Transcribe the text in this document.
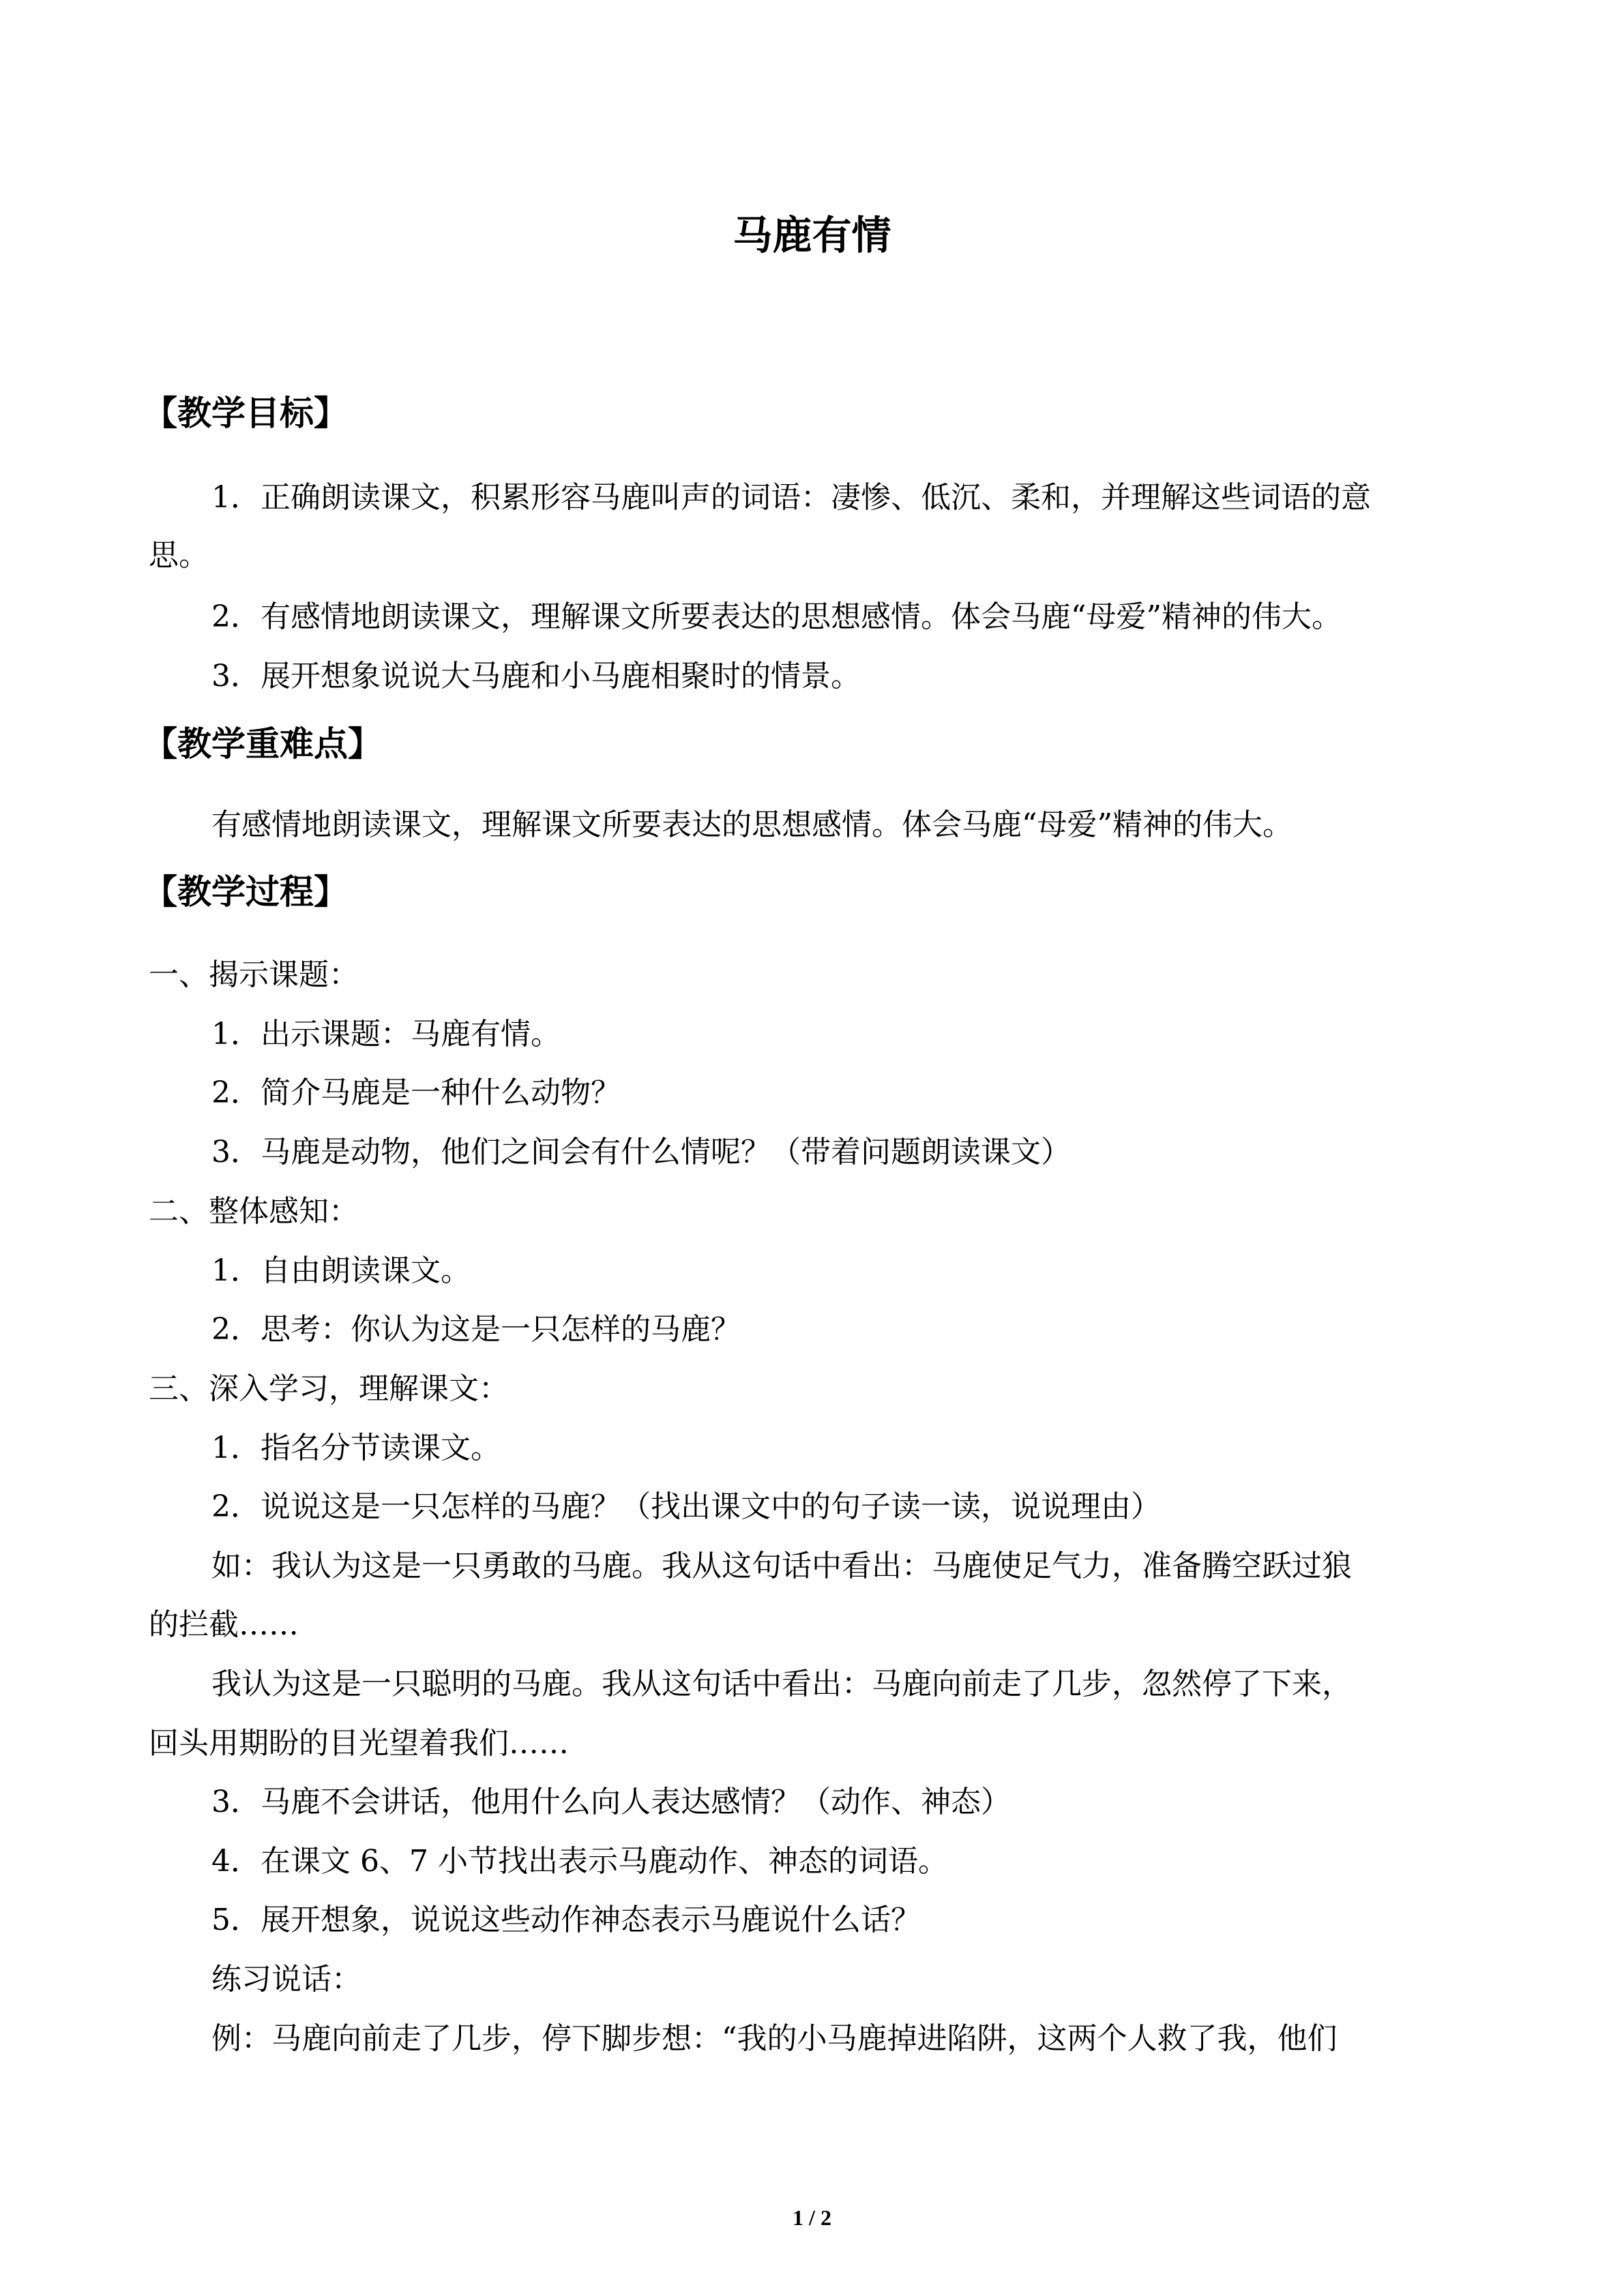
马鹿有情
【教学目标】

1．正确朗读课文，积累形容马鹿叫声的词语：凄惨、低沉、柔和，并理解这些词语的意

思。

2．有感情地朗读课文，理解课文所要表达的思想感情。体会马鹿“母爱”精神的伟大。

3．展开想象说说大马鹿和小马鹿相聚时的情景。

【教学重难点】

有感情地朗读课文，理解课文所要表达的思想感情。体会马鹿“母爱”精神的伟大。

【教学过程】

一、揭示课题：

1．出示课题：马鹿有情。

2．简介马鹿是一种什么动物？

3．马鹿是动物，他们之间会有什么情呢？（带着问题朗读课文）

二、整体感知：

1．自由朗读课文。

2．思考：你认为这是一只怎样的马鹿？

三、深入学习，理解课文：

1．指名分节读课文。

2．说说这是一只怎样的马鹿？（找出课文中的句子读一读，说说理由）

如：我认为这是一只勇敢的马鹿。我从这句话中看出：马鹿使足气力，准备腾空跃过狼

的拦截……

我认为这是一只聪明的马鹿。我从这句话中看出：马鹿向前走了几步，忽然停了下来，

回头用期盼的目光望着我们……

3．马鹿不会讲话，他用什么向人表达感情？（动作、神态）

4．在课文 6、7 小节找出表示马鹿动作、神态的词语。

5．展开想象，说说这些动作神态表示马鹿说什么话？

练习说话：

例：马鹿向前走了几步，停下脚步想：“我的小马鹿掉进陷阱，这两个人救了我，他们

1 / 2
